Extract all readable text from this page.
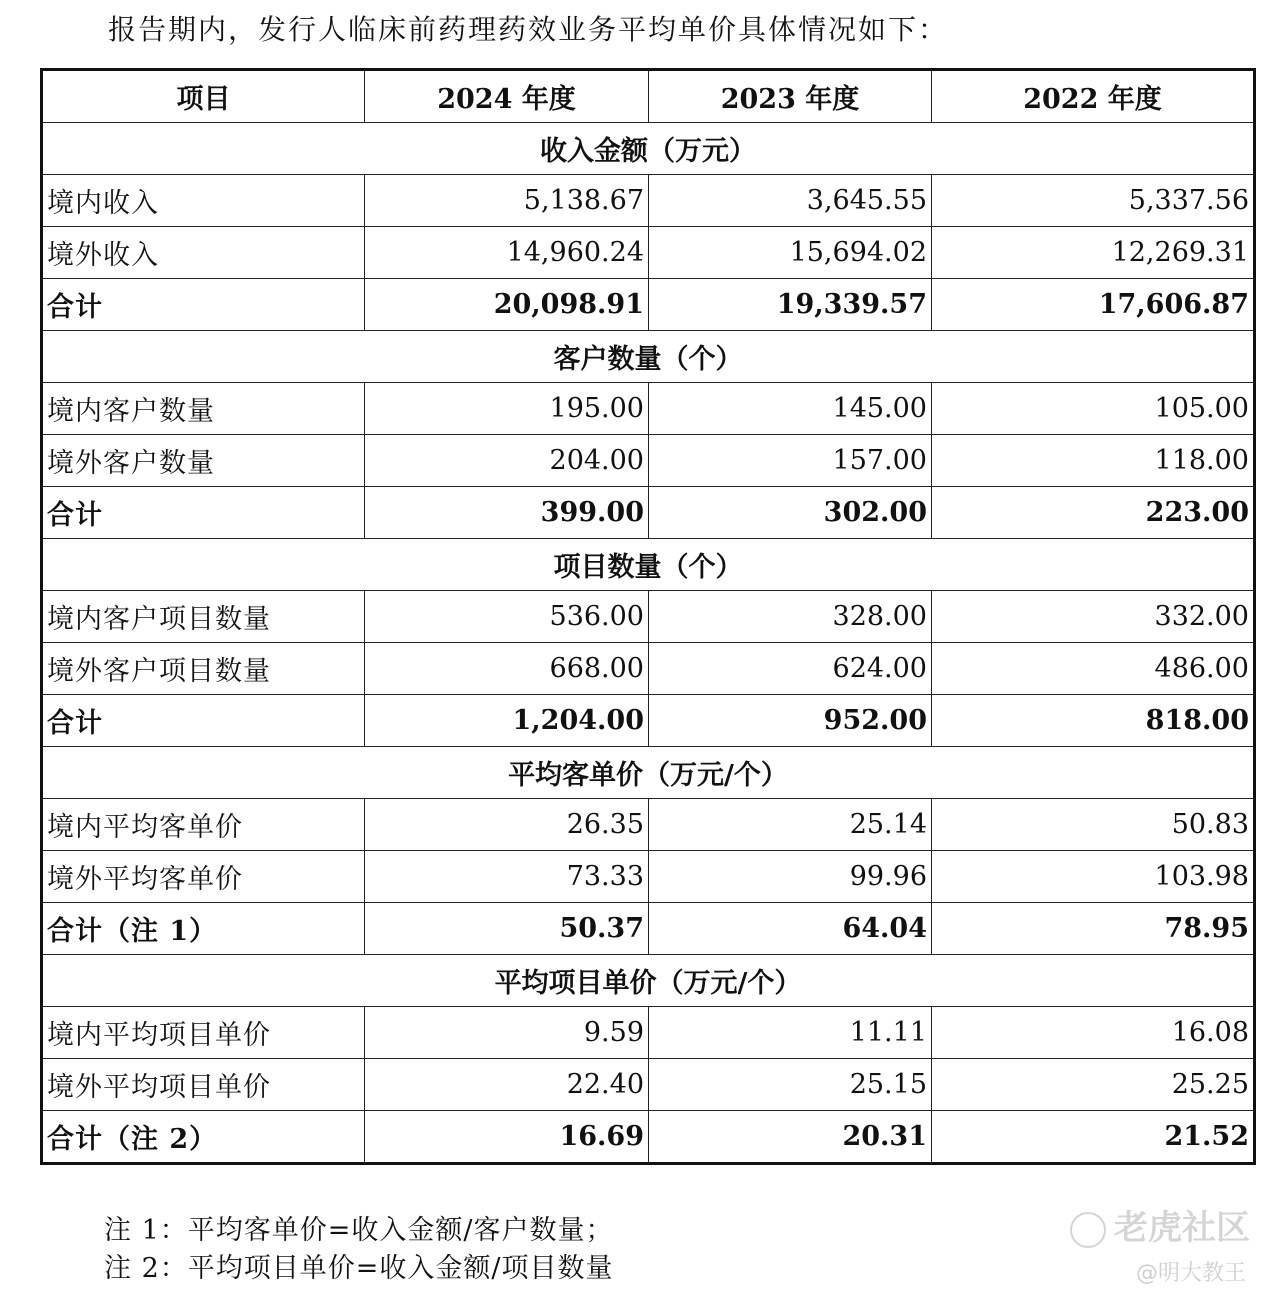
报告期内，发行人临床前药理药效业务平均单价具体情况如下：
项目	2024 年度	2023 年度	2022 年度
收入金额（万元）			
境内收入	5,138.67	3,645.55	5,337.56
境外收入	14,960.24	15,694.02	12,269.31
合计	20,098.91	19,339.57	17,606.87
客户数量（个）			
境内客户数量	195.00	145.00	105.00
境外客户数量	204.00	157.00	118.00
合计	399.00	302.00	223.00
项目数量（个）			
境内客户项目数量	536.00	328.00	332.00
境外客户项目数量	668.00	624.00	486.00
合计	1,204.00	952.00	818.00
平均客单价（万元/个）			
境内平均客单价	26.35	25.14	50.83
境外平均客单价	73.33	99.96	103.98
合计（注 1）	50.37	64.04	78.95
平均项目单价（万元/个）			
境内平均项目单价	9.59	11.11	16.08
境外平均项目单价	22.40	25.15	25.25
合计（注 2）	16.69	20.31	21.52
注 1：平均客单价=收入金额/客户数量；
注 2：平均项目单价=收入金额/项目数量
老虎社区
@明大教王
